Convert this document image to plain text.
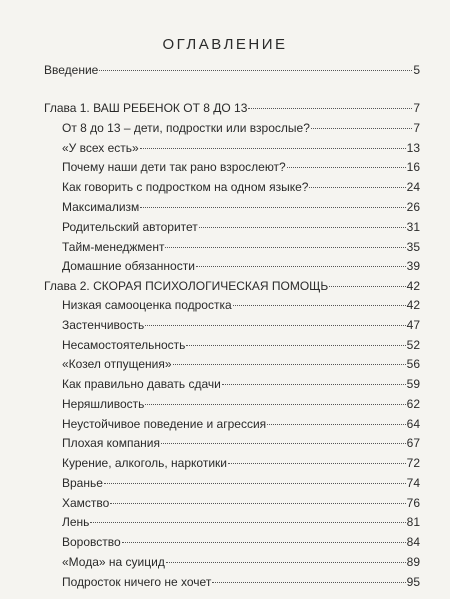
ОГЛАВЛЕНИЕ
Введение	5
Глава 1. ВАШ РЕБЕНОК ОТ 8 ДО 13	7
От 8 до 13 – дети, подростки или взрослые?	7
«У всех есть»	13
Почему наши дети так рано взрослеют?	16
Как говорить с подростком на одном языке?	24
Максимализм	26
Родительский авторитет	31
Тайм-менеджмент	35
Домашние обязанности	39
Глава 2. СКОРАЯ ПСИХОЛОГИЧЕСКАЯ ПОМОЩЬ	42
Низкая самооценка подростка	42
Застенчивость	47
Несамостоятельность	52
«Козел отпущения»	56
Как правильно давать сдачи	59
Неряшливость	62
Неустойчивое поведение и агрессия	64
Плохая компания	67
Курение, алкоголь, наркотики	72
Вранье	74
Хамство	76
Лень	81
Воровство	84
«Мода» на суицид	89
Подросток ничего не хочет	95
